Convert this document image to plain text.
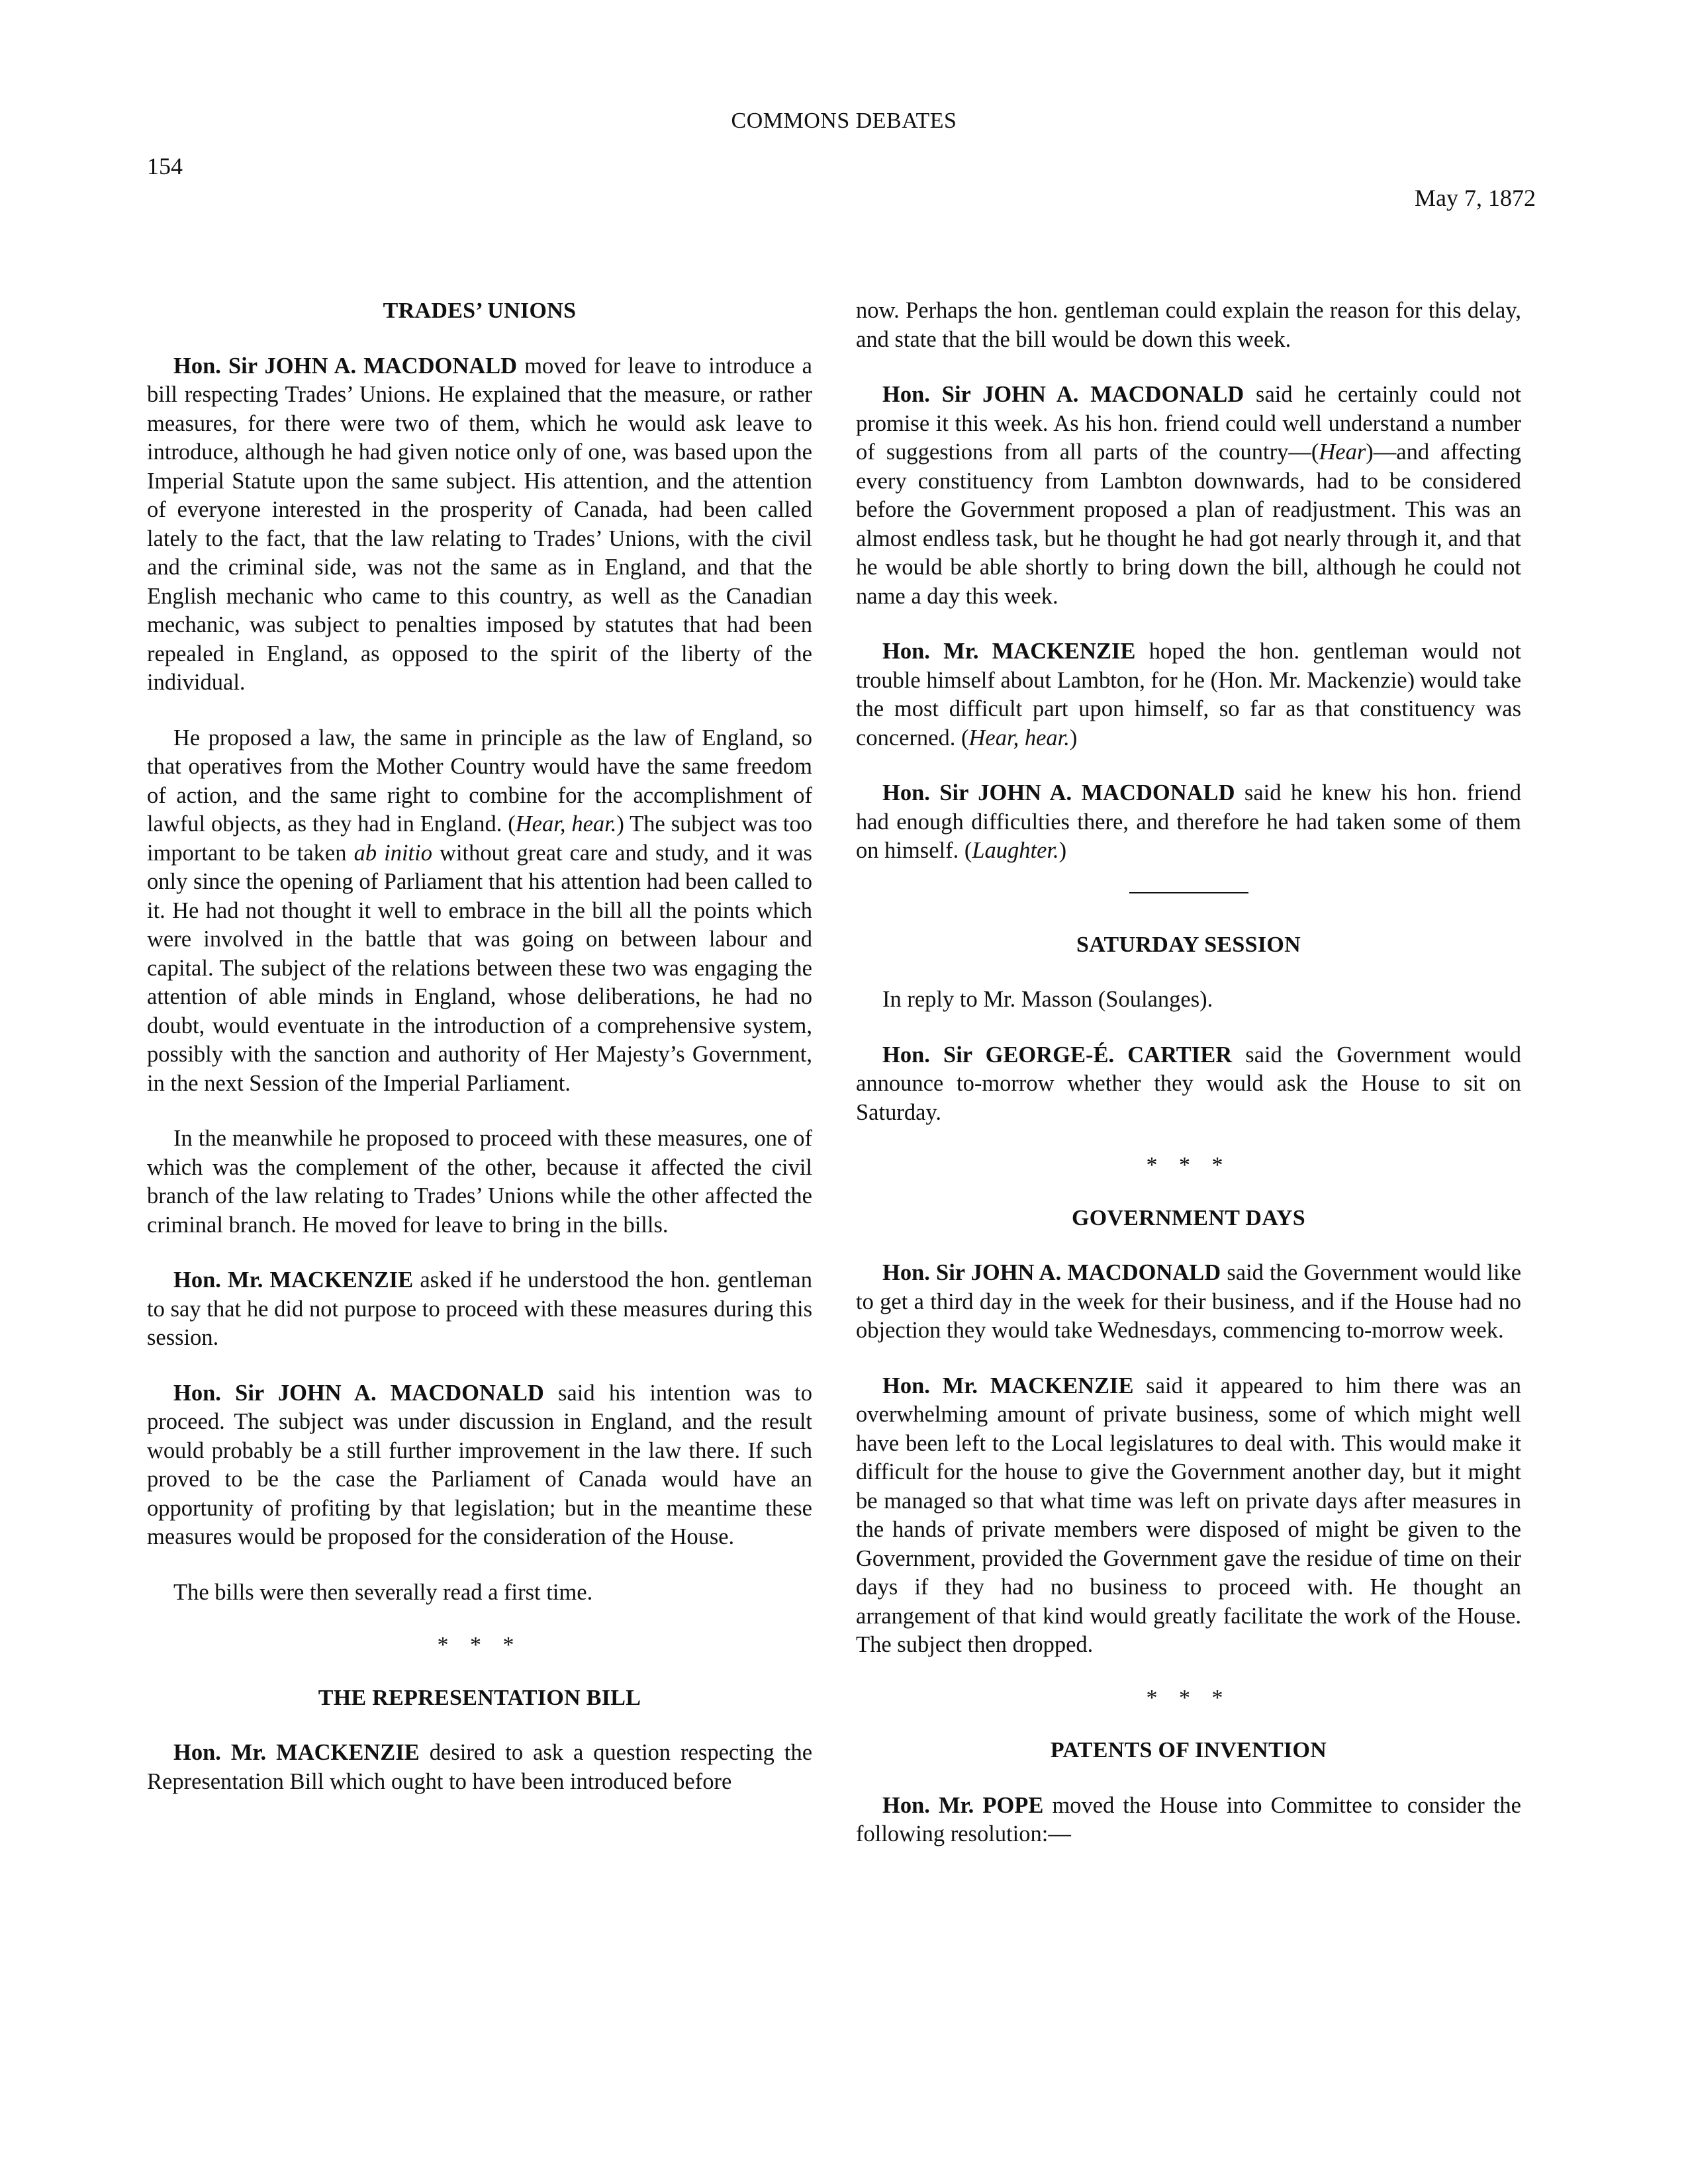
COMMONS DEBATES
154
May 7, 1872
TRADES’ UNIONS

Hon. Sir JOHN A. MACDONALD moved for leave to introduce a bill respecting Trades’ Unions. He explained that the measure, or rather measures, for there were two of them, which he would ask leave to introduce, although he had given notice only of one, was based upon the Imperial Statute upon the same subject. His attention, and the attention of everyone interested in the prosperity of Canada, had been called lately to the fact, that the law relating to Trades’ Unions, with the civil and the criminal side, was not the same as in England, and that the English mechanic who came to this country, as well as the Canadian mechanic, was subject to penalties imposed by statutes that had been repealed in England, as opposed to the spirit of the liberty of the individual.

He proposed a law, the same in principle as the law of England, so that operatives from the Mother Country would have the same freedom of action, and the same right to combine for the accomplishment of lawful objects, as they had in England. (Hear, hear.) The subject was too important to be taken ab initio without great care and study, and it was only since the opening of Parliament that his attention had been called to it. He had not thought it well to embrace in the bill all the points which were involved in the battle that was going on between labour and capital. The subject of the relations between these two was engaging the attention of able minds in England, whose deliberations, he had no doubt, would eventuate in the introduction of a comprehensive system, possibly with the sanction and authority of Her Majesty’s Government, in the next Session of the Imperial Parliament.

In the meanwhile he proposed to proceed with these measures, one of which was the complement of the other, because it affected the civil branch of the law relating to Trades’ Unions while the other affected the criminal branch. He moved for leave to bring in the bills.

Hon. Mr. MACKENZIE asked if he understood the hon. gentleman to say that he did not purpose to proceed with these measures during this session.

Hon. Sir JOHN A. MACDONALD said his intention was to proceed. The subject was under discussion in England, and the result would probably be a still further improvement in the law there. If such proved to be the case the Parliament of Canada would have an opportunity of profiting by that legislation; but in the meantime these measures would be proposed for the consideration of the House.

The bills were then severally read a first time.

* * *
THE REPRESENTATION BILL

Hon. Mr. MACKENZIE desired to ask a question respecting the Representation Bill which ought to have been introduced before

now. Perhaps the hon. gentleman could explain the reason for this delay, and state that the bill would be down this week.

Hon. Sir JOHN A. MACDONALD said he certainly could not promise it this week. As his hon. friend could well understand a number of suggestions from all parts of the country—(Hear)—and affecting every constituency from Lambton downwards, had to be considered before the Government proposed a plan of readjustment. This was an almost endless task, but he thought he had got nearly through it, and that he would be able shortly to bring down the bill, although he could not name a day this week.

Hon. Mr. MACKENZIE hoped the hon. gentleman would not trouble himself about Lambton, for he (Hon. Mr. Mackenzie) would take the most difficult part upon himself, so far as that constituency was concerned. (Hear, hear.)

Hon. Sir JOHN A. MACDONALD said he knew his hon. friend had enough difficulties there, and therefore he had taken some of them on himself. (Laughter.)

SATURDAY SESSION

In reply to Mr. Masson (Soulanges).

Hon. Sir GEORGE-É. CARTIER said the Government would announce to-morrow whether they would ask the House to sit on Saturday.

* * *
GOVERNMENT DAYS

Hon. Sir JOHN A. MACDONALD said the Government would like to get a third day in the week for their business, and if the House had no objection they would take Wednesdays, commencing to-morrow week.

Hon. Mr. MACKENZIE said it appeared to him there was an overwhelming amount of private business, some of which might well have been left to the Local legislatures to deal with. This would make it difficult for the house to give the Government another day, but it might be managed so that what time was left on private days after measures in the hands of private members were disposed of might be given to the Government, provided the Government gave the residue of time on their days if they had no business to proceed with. He thought an arrangement of that kind would greatly facilitate the work of the House. The subject then dropped.

* * *
PATENTS OF INVENTION

Hon. Mr. POPE moved the House into Committee to consider the following resolution:—
